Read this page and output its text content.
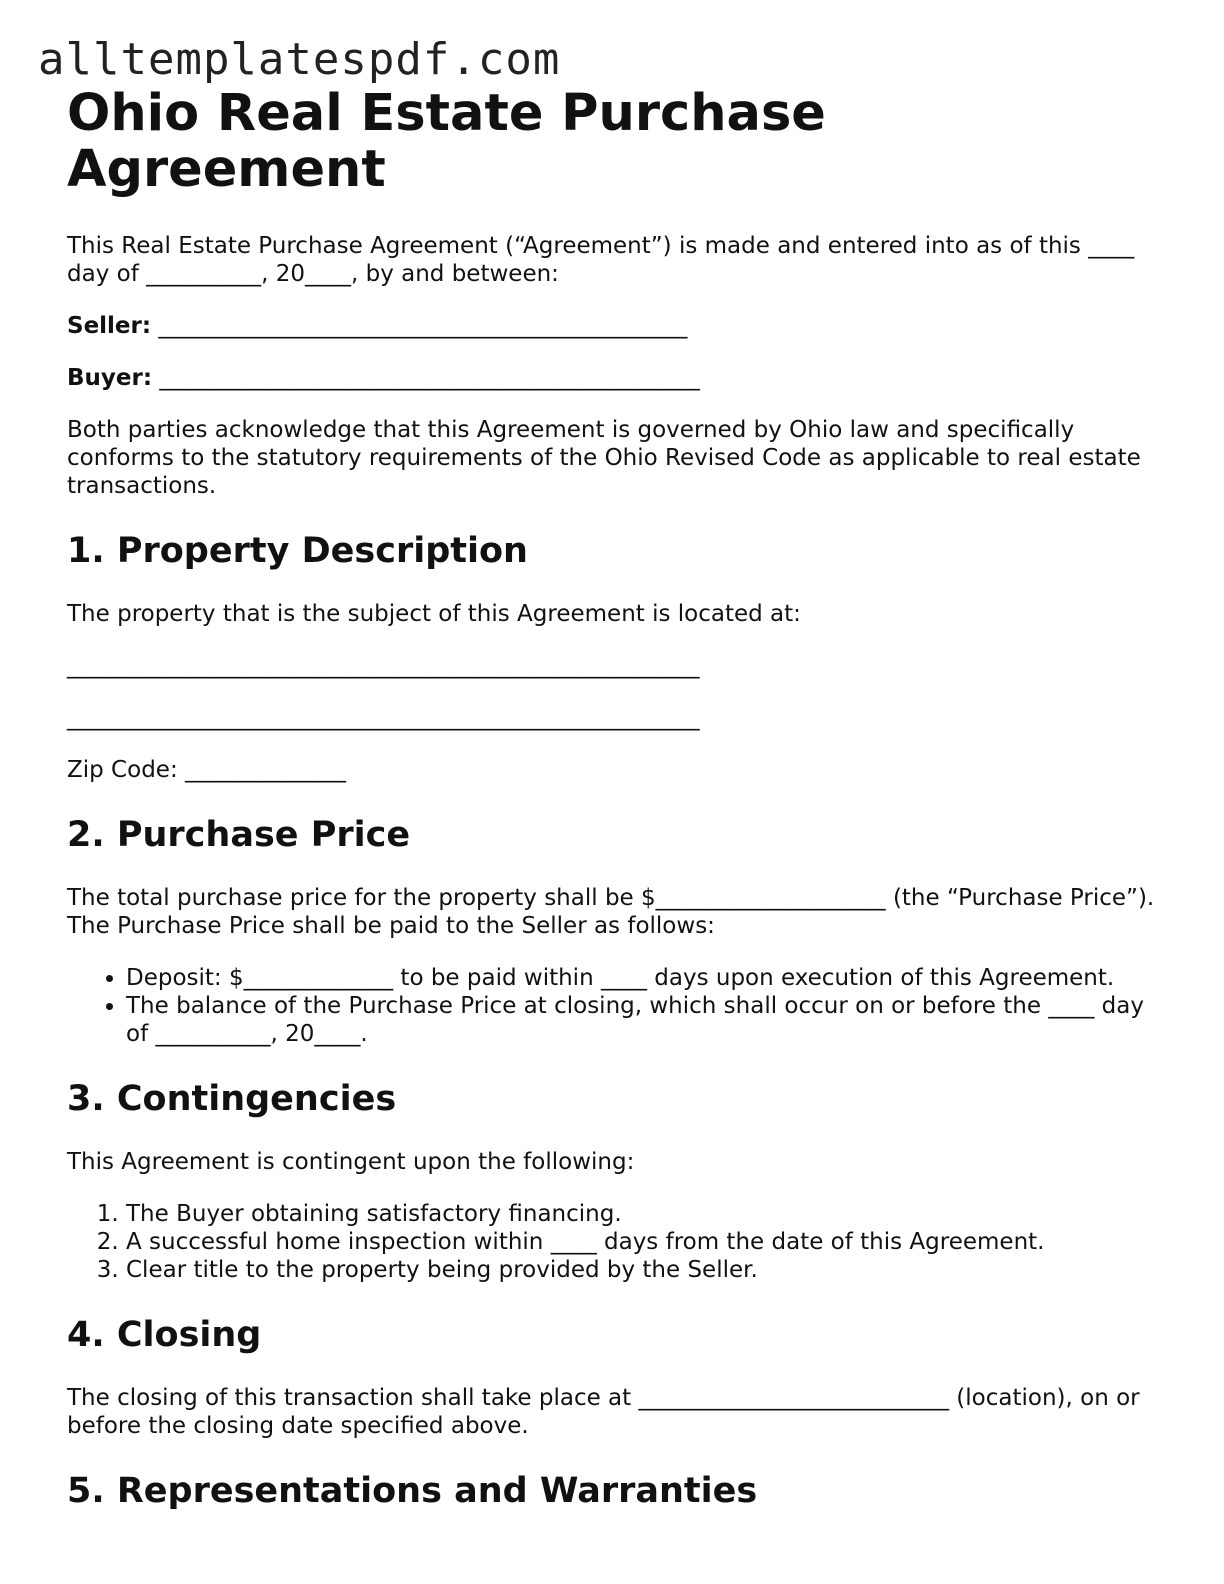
alltemplatespdf.com
Ohio Real Estate Purchase Agreement

This Real Estate Purchase Agreement (“Agreement”) is made and entered into as of this ____ day of __________, 20____, by and between:

Seller: ______________________________________________

Buyer: _______________________________________________

Both parties acknowledge that this Agreement is governed by Ohio law and specifically conforms to the statutory requirements of the Ohio Revised Code as applicable to real estate transactions.

1. Property Description

The property that is the subject of this Agreement is located at:

_______________________________________________________
_______________________________________________________
Zip Code: ______________
2. Purchase Price

The total purchase price for the property shall be $____________________ (the “Purchase Price”). The Purchase Price shall be paid to the Seller as follows:

• Deposit: $_____________ to be paid within ____ days upon execution of this Agreement.
• The balance of the Purchase Price at closing, which shall occur on or before the ____ day of __________, 20____.
3. Contingencies

This Agreement is contingent upon the following:

1. The Buyer obtaining satisfactory financing.
2. A successful home inspection within ____ days from the date of this Agreement.
3. Clear title to the property being provided by the Seller.
4. Closing

The closing of this transaction shall take place at ___________________________ (location), on or before the closing date specified above.

5. Representations and Warranties
